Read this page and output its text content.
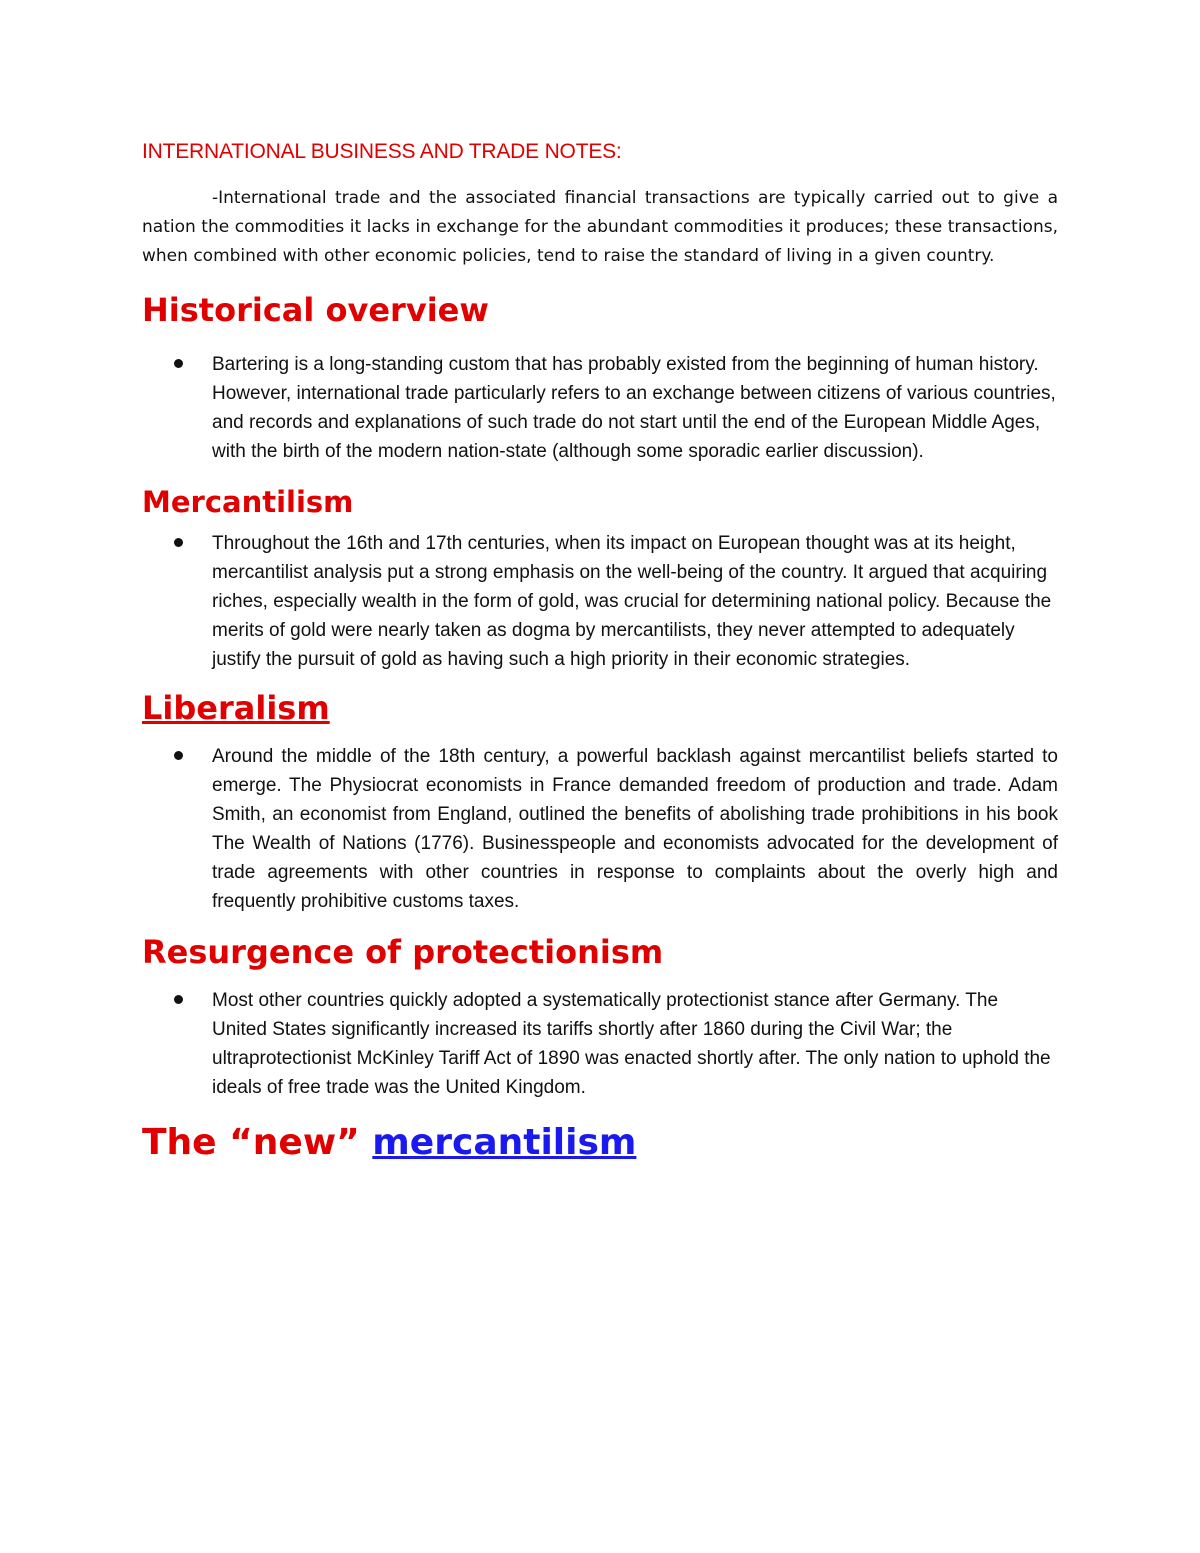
INTERNATIONAL BUSINESS AND TRADE NOTES:

-International trade and the associated financial transactions are typically carried out to give a nation the commodities it lacks in exchange for the abundant commodities it produces; these transactions, when combined with other economic policies, tend to raise the standard of living in a given country.

Historical overview
Bartering is a long-standing custom that has probably existed from the beginning of human history. However, international trade particularly refers to an exchange between citizens of various countries, and records and explanations of such trade do not start until the end of the European Middle Ages, with the birth of the modern nation-state (although some sporadic earlier discussion).
Mercantilism
Throughout the 16th and 17th centuries, when its impact on European thought was at its height, mercantilist analysis put a strong emphasis on the well-being of the country. It argued that acquiring riches, especially wealth in the form of gold, was crucial for determining national policy. Because the merits of gold were nearly taken as dogma by mercantilists, they never attempted to adequately justify the pursuit of gold as having such a high priority in their economic strategies.
Liberalism
Around the middle of the 18th century, a powerful backlash against mercantilist beliefs started to emerge. The Physiocrat economists in France demanded freedom of production and trade. Adam Smith, an economist from England, outlined the benefits of abolishing trade prohibitions in his book The Wealth of Nations (1776). Businesspeople and economists advocated for the development of trade agreements with other countries in response to complaints about the overly high and frequently prohibitive customs taxes.
Resurgence of protectionism
Most other countries quickly adopted a systematically protectionist stance after Germany. The United States significantly increased its tariffs shortly after 1860 during the Civil War; the ultraprotectionist McKinley Tariff Act of 1890 was enacted shortly after. The only nation to uphold the ideals of free trade was the United Kingdom.
The “new” mercantilism
